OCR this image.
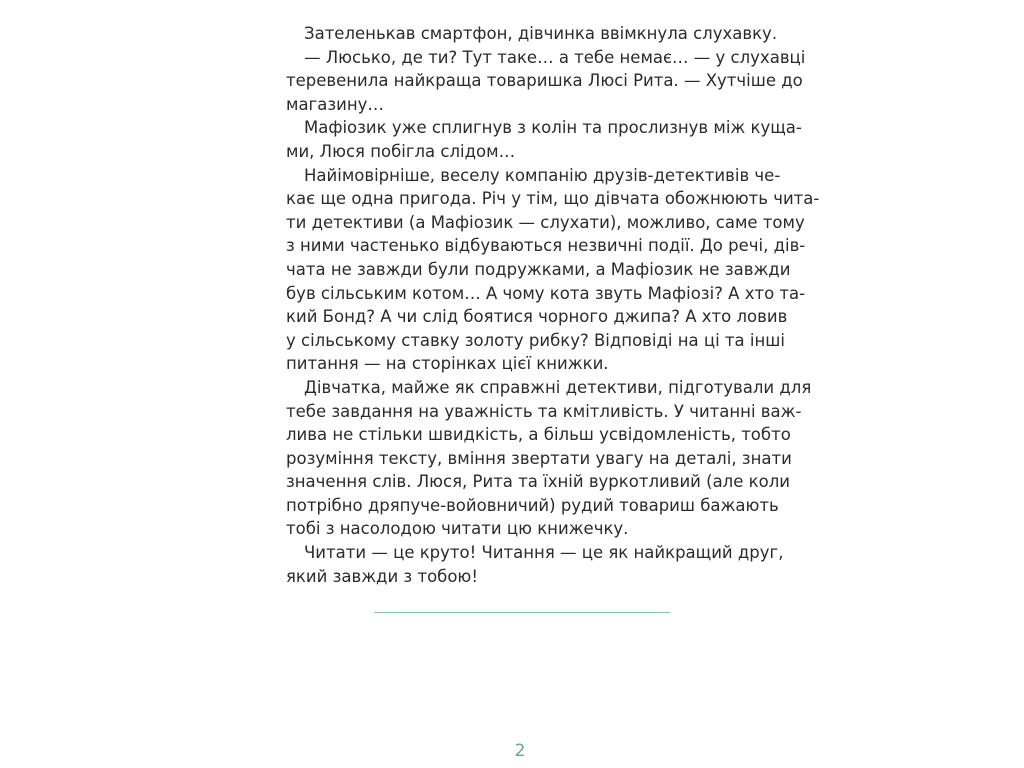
Зателенькав смартфон, дівчинка ввімкнула слухавку.
— Люсько, де ти? Тут таке… а тебе немає… — у слухавці
теревенила найкраща товаришка Люсі Рита. — Хутчіше до
магазину…
Мафіозик уже сплигнув з колін та прослизнув між куща-
ми, Люся побігла слідом…
Найімовірніше, веселу компанію друзів-детективів че-
кає ще одна пригода. Річ у тім, що дівчата обожнюють читa-
ти детективи (а Мафіозик — слухати), можливо, саме тому
з ними частенько відбуваються незвичні події. До речі, дів-
чата не завжди були подружками, а Мафіозик не завжди
був сільським котом… А чому кота звуть Мафіозі? А хто та-
кий Бонд? А чи слід боятися чорного джипа? А хто ловив
у сільському ставку золоту рибку? Відповіді на ці та інші
питання — на сторінках цієї книжки.
Дівчатка, майже як справжні детективи, підготували для
тебе завдання на уважність та кмітливість. У читанні важ-
лива не стільки швидкість, а більш усвідомленість, тобто
розуміння тексту, вміння звертати увагу на деталі, знати
значення слів. Люся, Рита та їхній вуркотливий (але коли
потрібно дряпуче-войовничий) рудий товариш бажають
тобі з насолодою читати цю книжечку.
Читати — це круто! Читання — це як найкращий друг,
який завжди з тобою!
2
